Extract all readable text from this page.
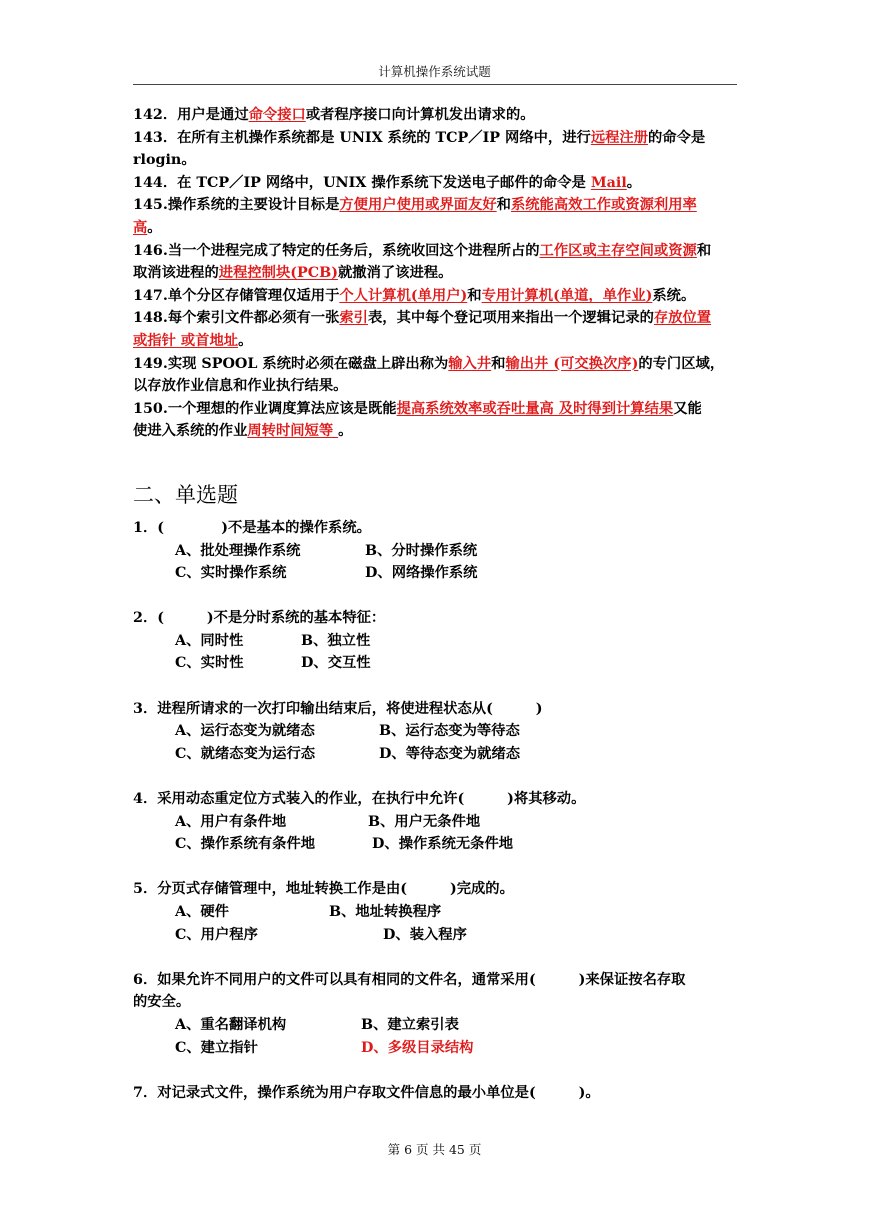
计算机操作系统试题

142．用户是通过命令接口或者程序接口向计算机发出请求的。

143．在所有主机操作系统都是 UNIX 系统的 TCP／IP 网络中，进行远程注册的命令是

rlogin。

144．在 TCP／IP 网络中，UNIX 操作系统下发送电子邮件的命令是 Mail。

145.操作系统的主要设计目标是方便用户使用或界面友好和系统能高效工作或资源利用率

高。

146.当一个进程完成了特定的任务后，系统收回这个进程所占的工作区或主存空间或资源和

取消该进程的进程控制块(PCB)就撤消了该进程。

147.单个分区存储管理仅适用于个人计算机(单用户)和专用计算机(单道，单作业)系统。

148.每个索引文件都必须有一张索引表，其中每个登记项用来指出一个逻辑记录的存放位置

或指针 或首地址。

149.实现 SPOOL 系统时必须在磁盘上辟出称为输入井和输出井 (可交换次序)的专门区域，

以存放作业信息和作业执行结果。

150.一个理想的作业调度算法应该是既能提高系统效率或吞吐量高 及时得到计算结果又能

使进入系统的作业周转时间短等 。

二、单选题

1．(　　　　)不是基本的操作系统。

A、批处理操作系统	B、分时操作系统
C、实时操作系统	D、网络操作系统

2．(　　　)不是分时系统的基本特征：

A、同时性	B、独立性
C、实时性	D、交互性

3．进程所请求的一次打印输出结束后，将使进程状态从(　　　)

A、运行态变为就绪态	B、运行态变为等待态
C、就绪态变为运行态	D、等待态变为就绪态

4．采用动态重定位方式装入的作业，在执行中允许(　　　)将其移动。

A、用户有条件地	B、用户无条件地
C、操作系统有条件地	D、操作系统无条件地

5．分页式存储管理中，地址转换工作是由(　　　)完成的。

A、硬件	B、地址转换程序
C、用户程序	D、装入程序

6．如果允许不同用户的文件可以具有相同的文件名，通常采用(　　　)来保证按名存取

的安全。

A、重名翻译机构	B、建立索引表
C、建立指针	D、多级目录结构

7．对记录式文件，操作系统为用户存取文件信息的最小单位是(　　　)。

第 6 页 共 45 页
